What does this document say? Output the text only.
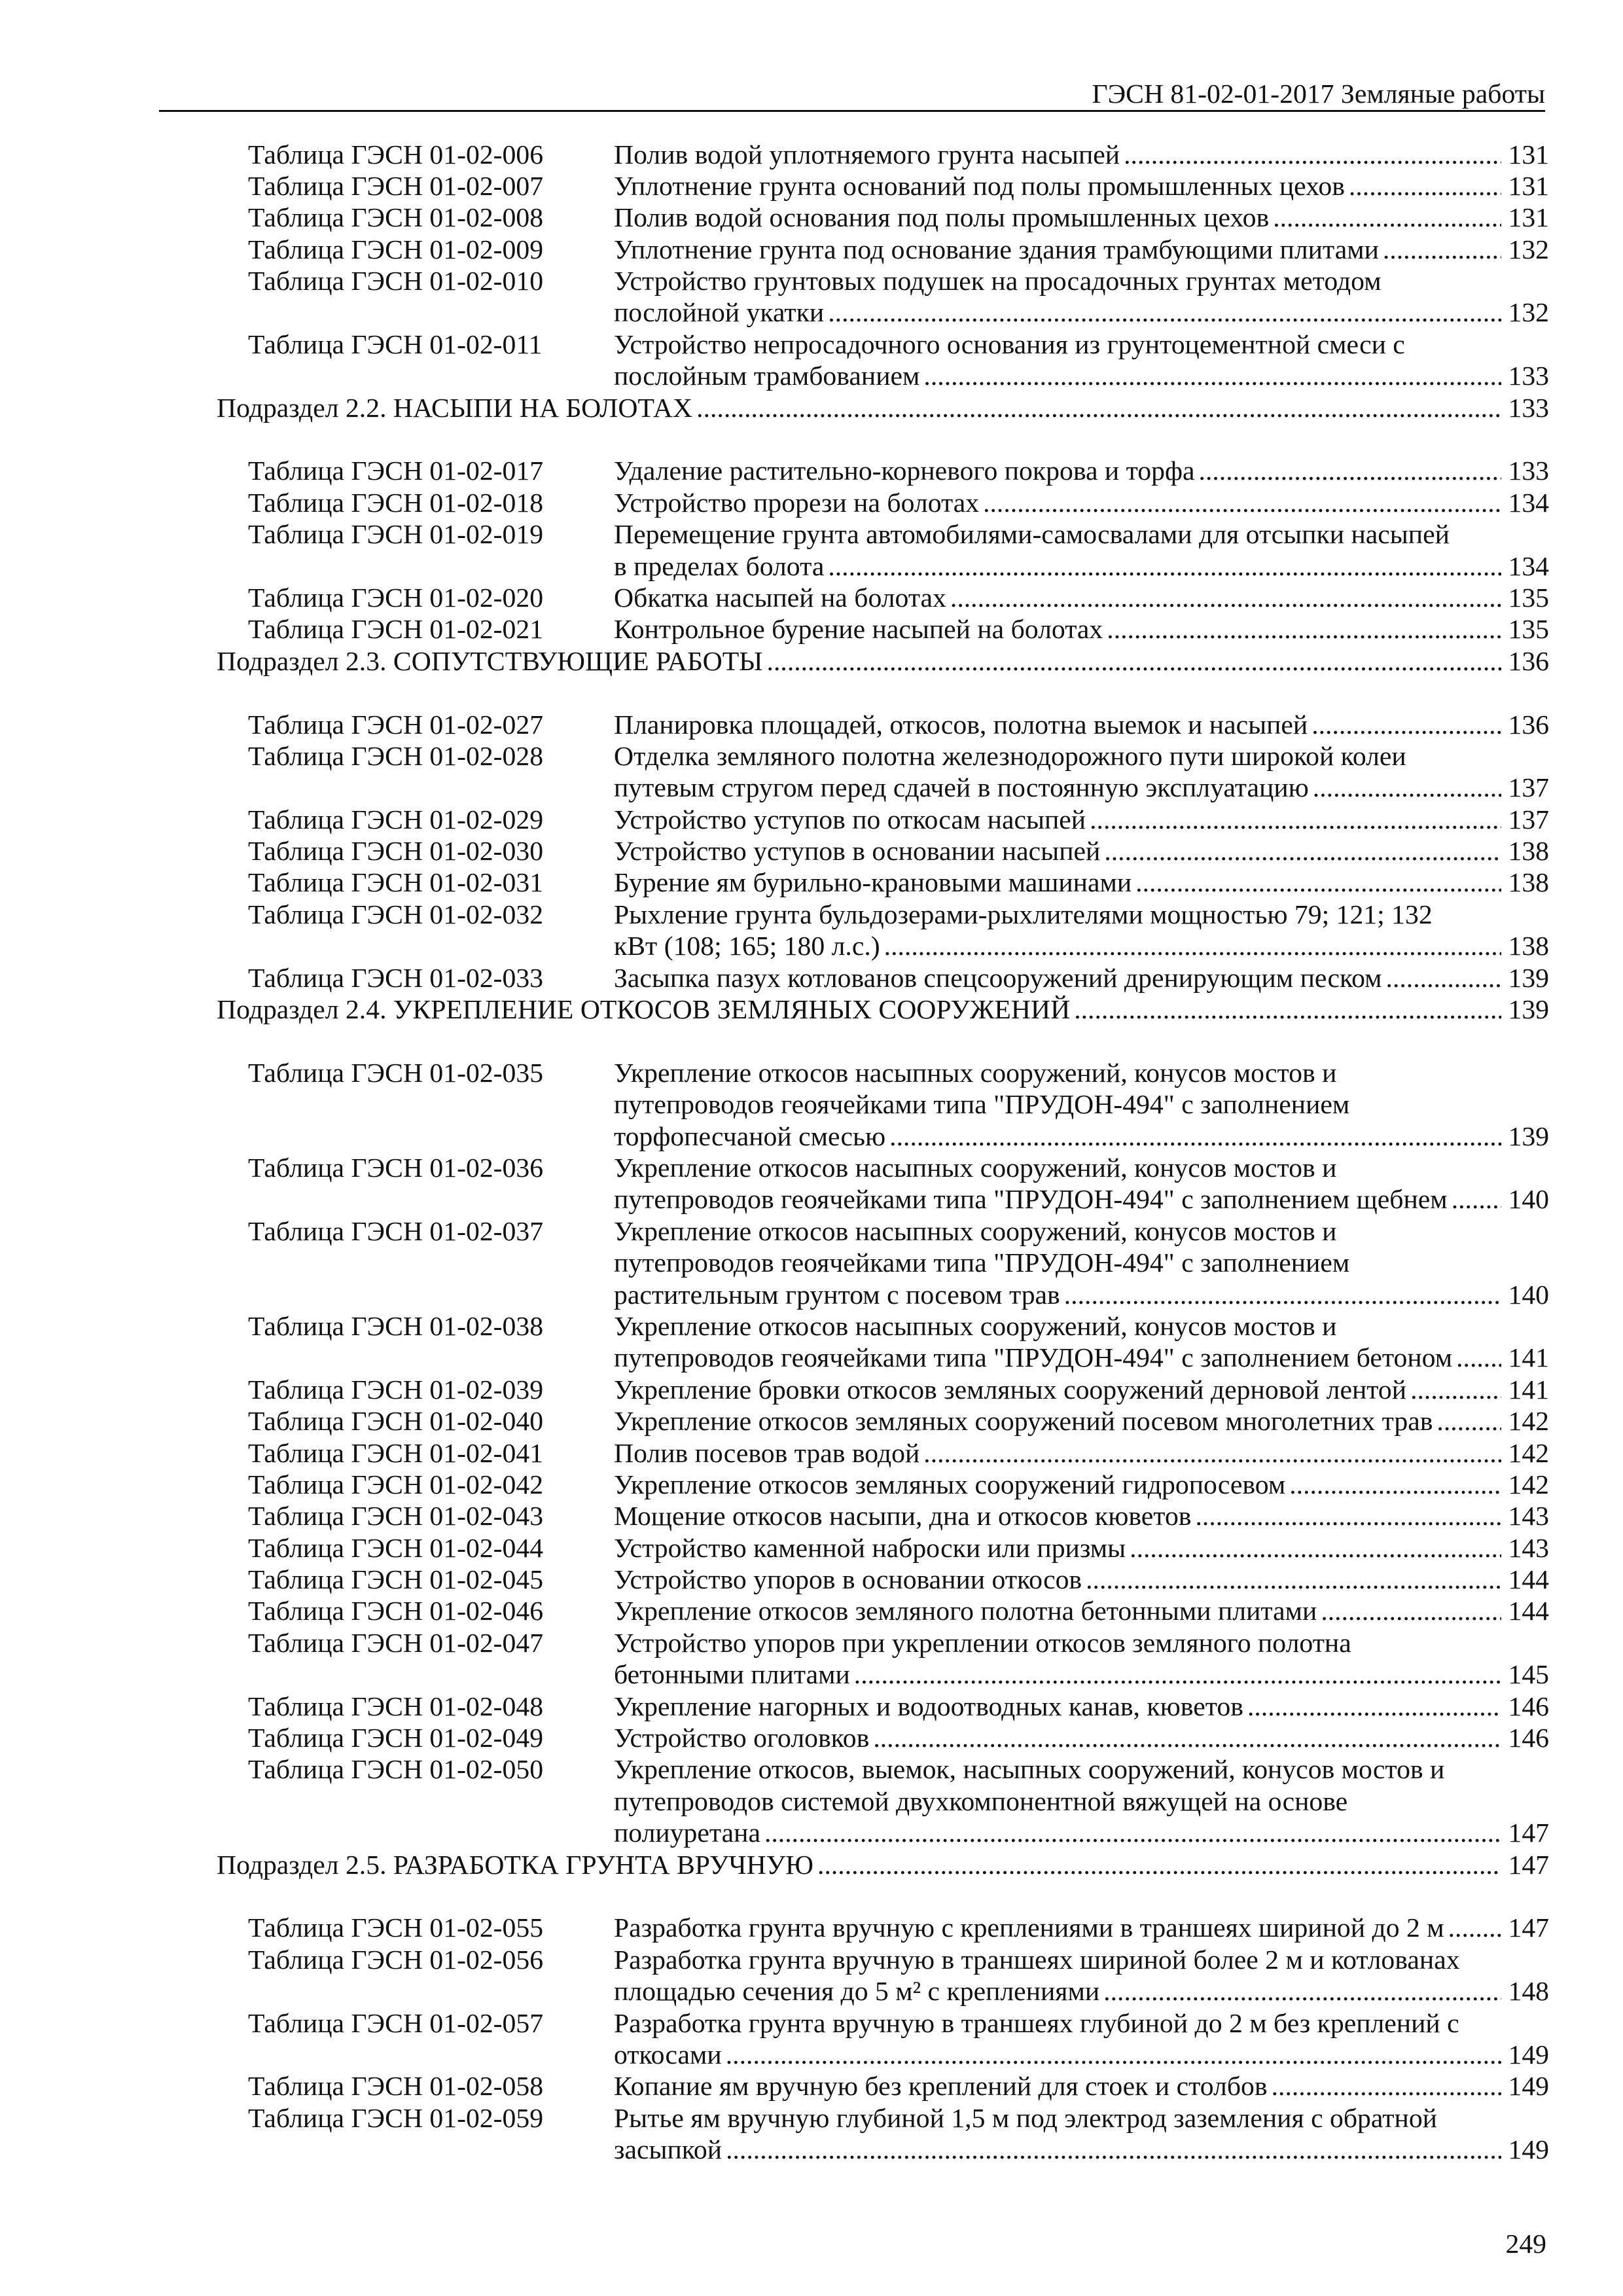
ГЭСН 81-02-01-2017 Земляные работы
Таблица ГЭСН 01-02-006	Полив водой уплотняемого грунта насыпей .....	131
Таблица ГЭСН 01-02-007	Уплотнение грунта оснований под полы промышленных цехов .....	131
Таблица ГЭСН 01-02-008	Полив водой основания под полы промышленных цехов .....	131
Таблица ГЭСН 01-02-009	Уплотнение грунта под основание здания трамбующими плитами .....	132
Таблица ГЭСН 01-02-010	Устройство грунтовых подушек на просадочных грунтах методом
послойной укатки .....	132
Таблица ГЭСН 01-02-011	Устройство непросадочного основания из грунтоцементной смеси с
послойным трамбованием .....	133
Подраздел 2.2. НАСЫПИ НА БОЛОТАХ .....	133
Таблица ГЭСН 01-02-017	Удаление растительно-корневого покрова и торфа .....	133
Таблица ГЭСН 01-02-018	Устройство прорези на болотах .....	134
Таблица ГЭСН 01-02-019	Перемещение грунта автомобилями-самосвалами для отсыпки насыпей
в пределах болота .....	134
Таблица ГЭСН 01-02-020	Обкатка насыпей на болотах .....	135
Таблица ГЭСН 01-02-021	Контрольное бурение насыпей на болотах .....	135
Подраздел 2.3. СОПУТСТВУЮЩИЕ РАБОТЫ .....	136
Таблица ГЭСН 01-02-027	Планировка площадей, откосов, полотна выемок и насыпей .....	136
Таблица ГЭСН 01-02-028	Отделка земляного полотна железнодорожного пути широкой колеи
путевым стругом перед сдачей в постоянную эксплуатацию .....	137
Таблица ГЭСН 01-02-029	Устройство уступов по откосам насыпей .....	137
Таблица ГЭСН 01-02-030	Устройство уступов в основании насыпей .....	138
Таблица ГЭСН 01-02-031	Бурение ям бурильно-крановыми машинами .....	138
Таблица ГЭСН 01-02-032	Рыхление грунта бульдозерами-рыхлителями мощностью 79; 121; 132
кВт (108; 165; 180 л.с.) .....	138
Таблица ГЭСН 01-02-033	Засыпка пазух котлованов спецсооружений дренирующим песком .....	139
Подраздел 2.4. УКРЕПЛЕНИЕ ОТКОСОВ ЗЕМЛЯНЫХ СООРУЖЕНИЙ .....	139
Таблица ГЭСН 01-02-035	Укрепление откосов насыпных сооружений, конусов мостов и
путепроводов геоячейками типа "ПРУДОН-494" с заполнением
торфопесчаной смесью .....	139
Таблица ГЭСН 01-02-036	Укрепление откосов насыпных сооружений, конусов мостов и
путепроводов геоячейками типа "ПРУДОН-494" с заполнением щебнем ..... 140
Таблица ГЭСН 01-02-037	Укрепление откосов насыпных сооружений, конусов мостов и
путепроводов геоячейками типа "ПРУДОН-494" с заполнением
растительным грунтом с посевом трав .....	140
Таблица ГЭСН 01-02-038	Укрепление откосов насыпных сооружений, конусов мостов и
путепроводов геоячейками типа "ПРУДОН-494" с заполнением бетоном ..... 141
Таблица ГЭСН 01-02-039	Укрепление бровки откосов земляных сооружений дерновой лентой .....	141
Таблица ГЭСН 01-02-040	Укрепление откосов земляных сооружений посевом многолетних трав .....	142
Таблица ГЭСН 01-02-041	Полив посевов трав водой .....	142
Таблица ГЭСН 01-02-042	Укрепление откосов земляных сооружений гидропосевом .....	142
Таблица ГЭСН 01-02-043	Мощение откосов насыпи, дна и откосов кюветов .....	143
Таблица ГЭСН 01-02-044	Устройство каменной наброски или призмы .....	143
Таблица ГЭСН 01-02-045	Устройство упоров в основании откосов .....	144
Таблица ГЭСН 01-02-046	Укрепление откосов земляного полотна бетонными плитами .....	144
Таблица ГЭСН 01-02-047	Устройство упоров при укреплении откосов земляного полотна
бетонными плитами .....	145
Таблица ГЭСН 01-02-048	Укрепление нагорных и водоотводных канав, кюветов .....	146
Таблица ГЭСН 01-02-049	Устройство оголовков .....	146
Таблица ГЭСН 01-02-050	Укрепление откосов, выемок, насыпных сооружений, конусов мостов и
путепроводов системой двухкомпонентной вяжущей на основе
полиуретана .....	147
Подраздел 2.5. РАЗРАБОТКА ГРУНТА ВРУЧНУЮ .....	147
Таблица ГЭСН 01-02-055	Разработка грунта вручную с креплениями в траншеях шириной до 2 м ..... 147
Таблица ГЭСН 01-02-056	Разработка грунта вручную в траншеях шириной более 2 м и котлованах
площадью сечения до 5 м² с креплениями .....	148
Таблица ГЭСН 01-02-057	Разработка грунта вручную в траншеях глубиной до 2 м без креплений с
откосами .....	149
Таблица ГЭСН 01-02-058	Копание ям вручную без креплений для стоек и столбов .....	149
Таблица ГЭСН 01-02-059	Рытье ям вручную глубиной 1,5 м под электрод заземления с обратной
засыпкой .....	149
249
